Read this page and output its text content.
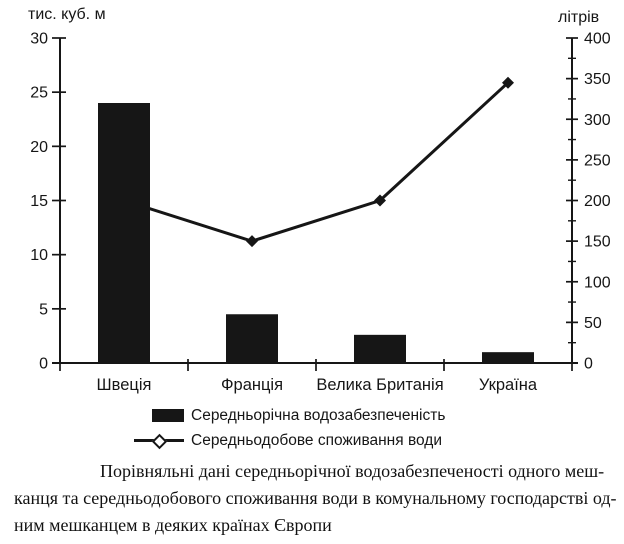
тис. куб. м	літрів
0
5
10
15
20
25
30
0
50
100
150
200
250
300
350
400
Швеція	Франція Велика Британія Україна
Середньорічна водозабезпеченість
Середньодобове споживання води
Порівняльні дані середньорічної водозабезпеченості одного меш-
канця та середньодобового споживання води в комунальному господарстві од-
ним мешканцем в деяких країнах Європи
